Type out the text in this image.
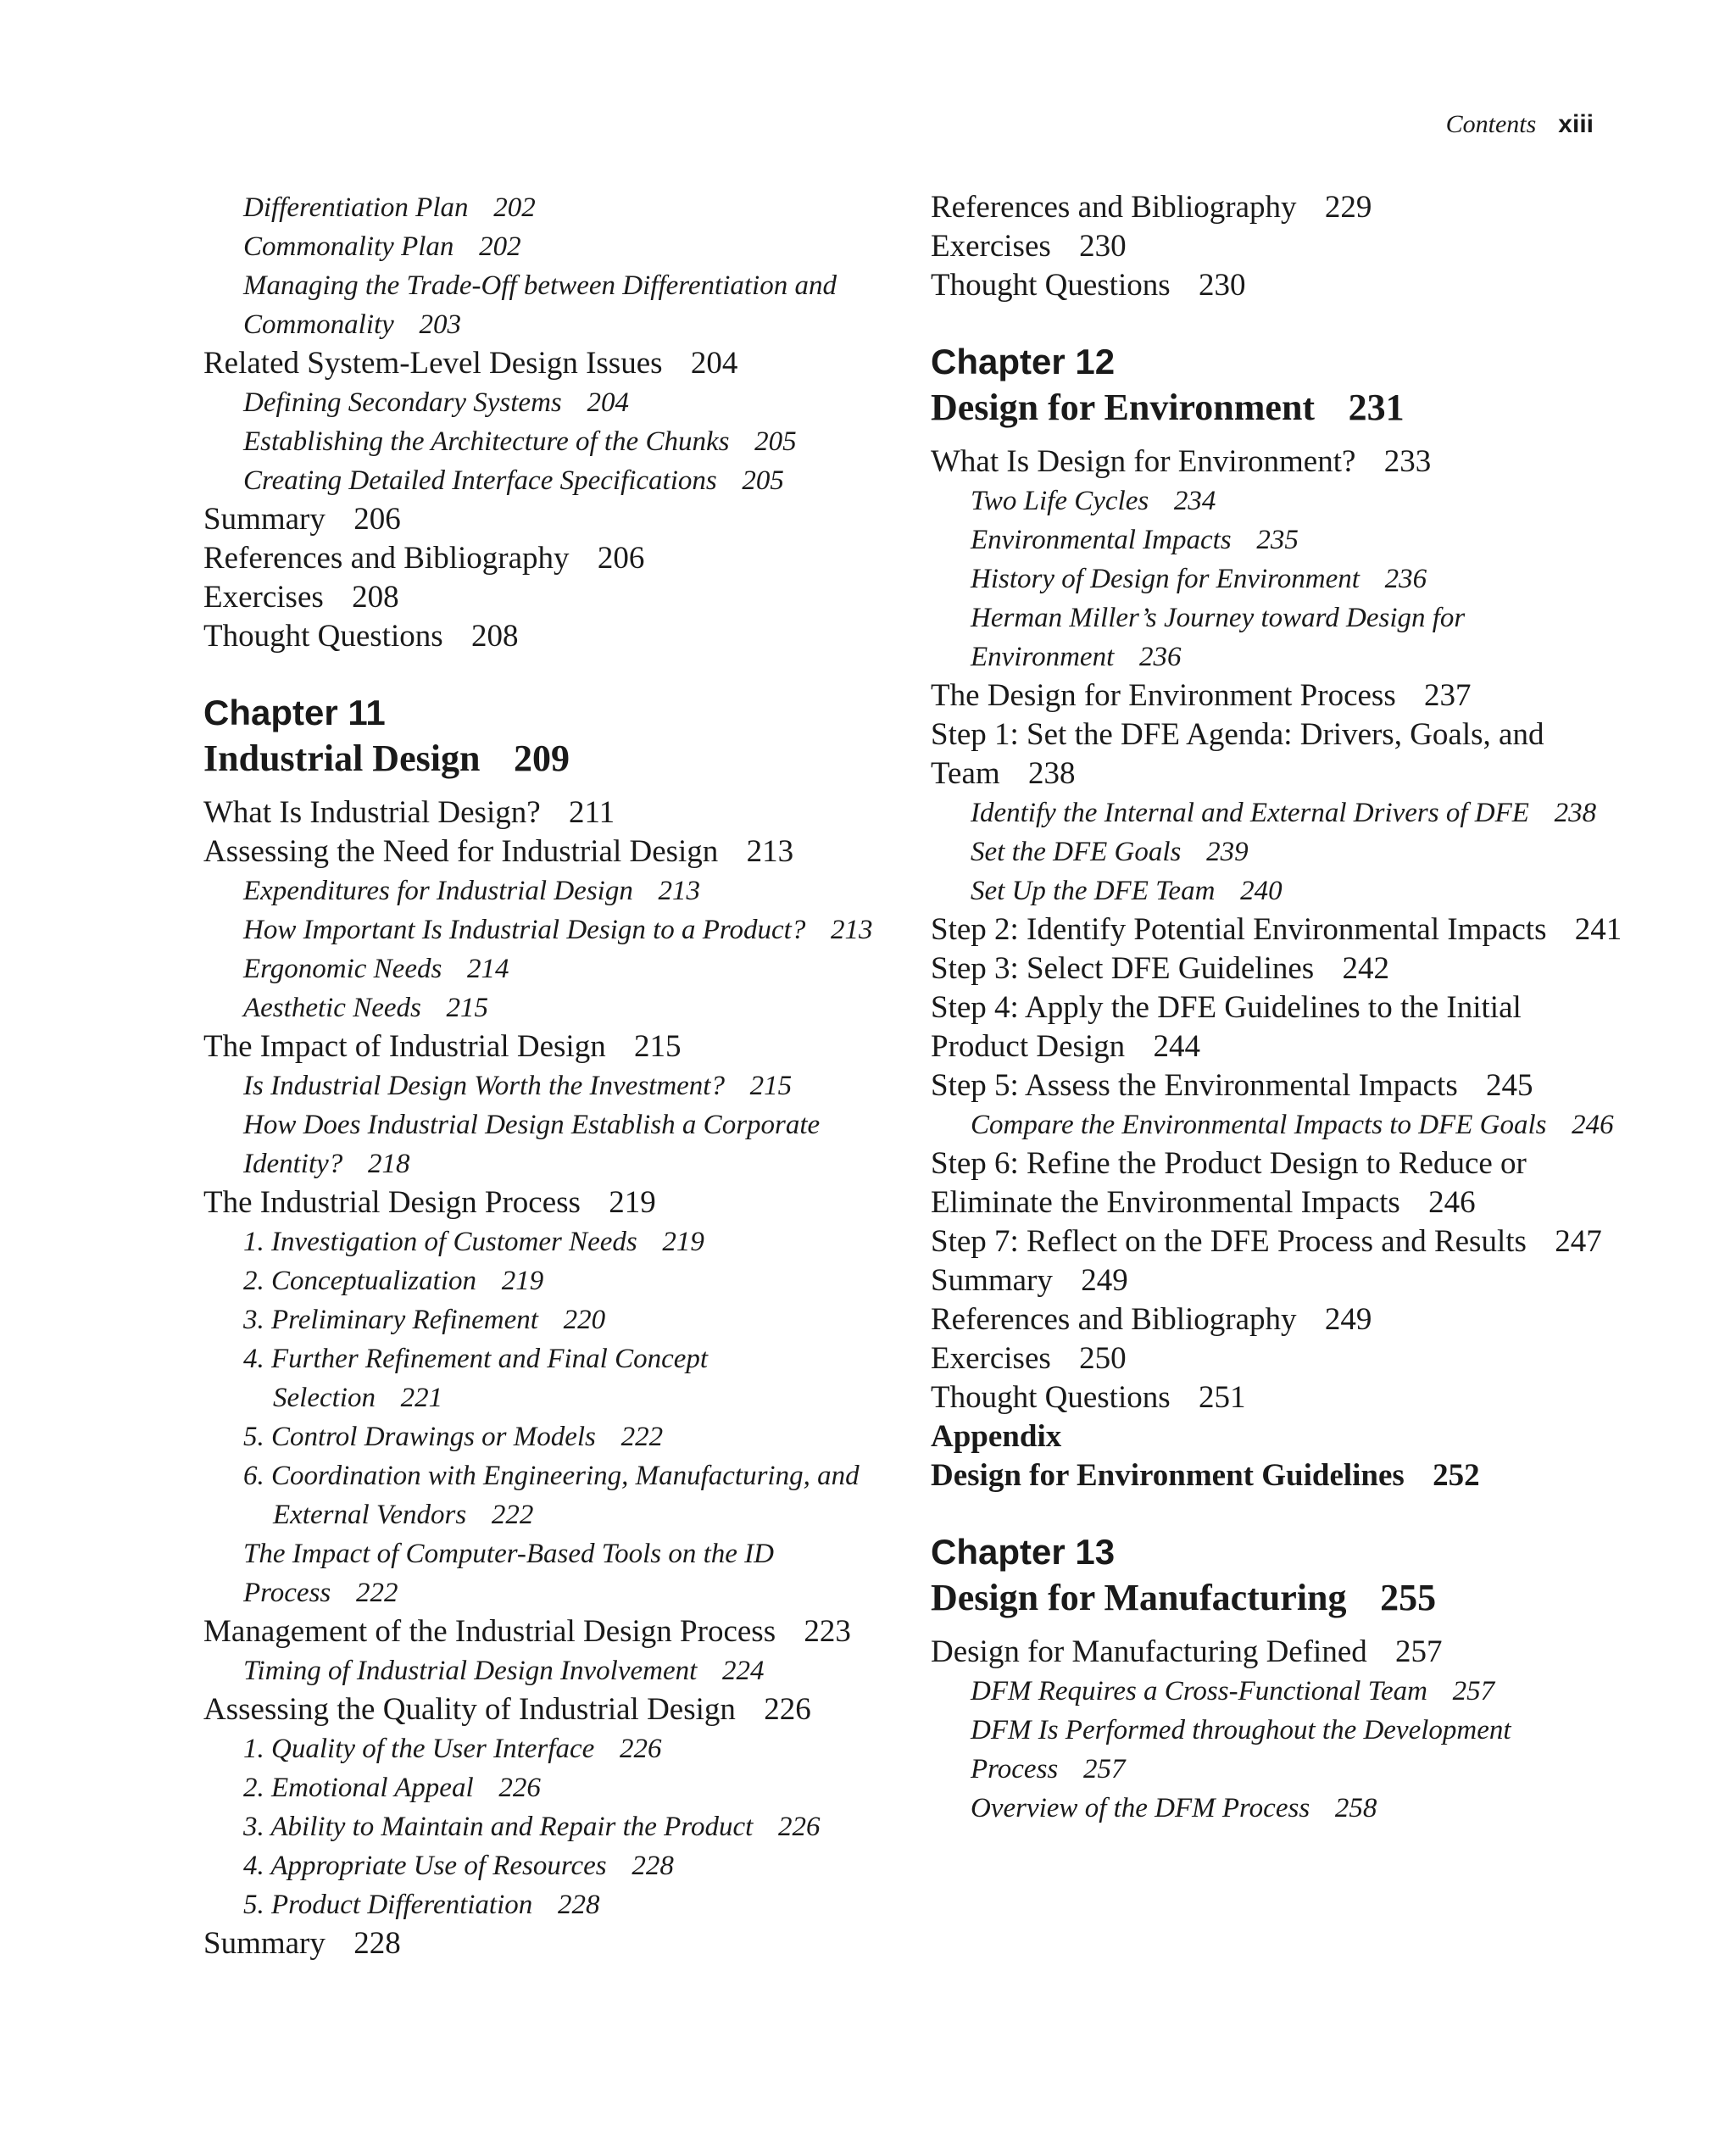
Contents xiii

Differentiation Plan 202

Commonality Plan 202

Managing the Trade-Off between Differentiation and Commonality 203

Related System-Level Design Issues 204

Defining Secondary Systems 204

Establishing the Architecture of the Chunks 205

Creating Detailed Interface Specifications 205

Summary 206

References and Bibliography 206

Exercises 208

Thought Questions 208

Chapter 11

Industrial Design 209

What Is Industrial Design? 211

Assessing the Need for Industrial Design 213

Expenditures for Industrial Design 213

How Important Is Industrial Design to a Product? 213

Ergonomic Needs 214

Aesthetic Needs 215

The Impact of Industrial Design 215

Is Industrial Design Worth the Investment? 215

How Does Industrial Design Establish a Corporate Identity? 218

The Industrial Design Process 219

1. Investigation of Customer Needs 219

2. Conceptualization 219

3. Preliminary Refinement 220

4. Further Refinement and Final Concept Selection 221

5. Control Drawings or Models 222

6. Coordination with Engineering, Manufacturing, and External Vendors 222

The Impact of Computer-Based Tools on the ID Process 222

Management of the Industrial Design Process 223

Timing of Industrial Design Involvement 224

Assessing the Quality of Industrial Design 226

1. Quality of the User Interface 226

2. Emotional Appeal 226

3. Ability to Maintain and Repair the Product 226

4. Appropriate Use of Resources 228

5. Product Differentiation 228

Summary 228

References and Bibliography 229

Exercises 230

Thought Questions 230

Chapter 12

Design for Environment 231

What Is Design for Environment? 233

Two Life Cycles 234

Environmental Impacts 235

History of Design for Environment 236

Herman Miller’s Journey toward Design for Environment 236

The Design for Environment Process 237

Step 1: Set the DFE Agenda: Drivers, Goals, and Team 238

Identify the Internal and External Drivers of DFE 238

Set the DFE Goals 239

Set Up the DFE Team 240

Step 2: Identify Potential Environmental Impacts 241

Step 3: Select DFE Guidelines 242

Step 4: Apply the DFE Guidelines to the Initial Product Design 244

Step 5: Assess the Environmental Impacts 245

Compare the Environmental Impacts to DFE Goals 246

Step 6: Refine the Product Design to Reduce or Eliminate the Environmental Impacts 246

Step 7: Reflect on the DFE Process and Results 247

Summary 249

References and Bibliography 249

Exercises 250

Thought Questions 251

Appendix

Design for Environment Guidelines 252

Chapter 13

Design for Manufacturing 255

Design for Manufacturing Defined 257

DFM Requires a Cross-Functional Team 257

DFM Is Performed throughout the Development Process 257

Overview of the DFM Process 258
